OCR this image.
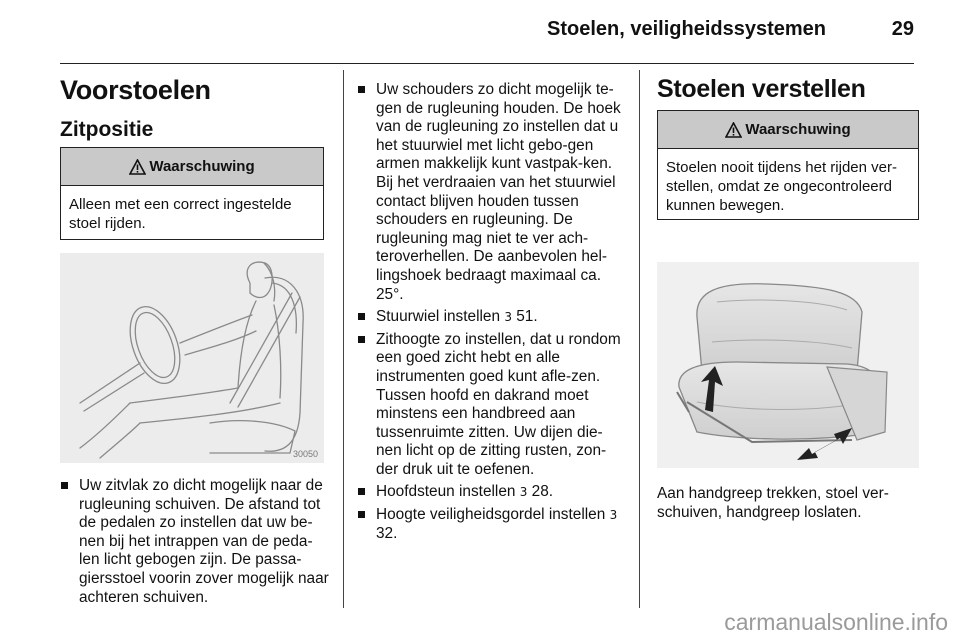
Stoelen, veiligheidssystemen	29
Voorstoelen
Zitpositie
Waarschuwing
Alleen met een correct ingestelde stoel rijden.
30050
Uw zitvlak zo dicht mogelijk naar de rugleuning schuiven. De afstand tot de pedalen zo instellen dat uw be-nen bij het intrappen van de peda-len licht gebogen zijn. De passa-giersstoel voorin zover mogelijk naar achteren schuiven.
Uw schouders zo dicht mogelijk te-gen de rugleuning houden. De hoek van de rugleuning zo instellen dat u het stuurwiel met licht gebo-gen armen makkelijk kunt vastpak-ken. Bij het verdraaien van het stuurwiel contact blijven houden tussen schouders en rugleuning. De rugleuning mag niet te ver ach-teroverhellen. De aanbevolen hel-lingshoek bedraagt maximaal ca. 25°.
Stuurwiel instellen 3 51.
Zithoogte zo instellen, dat u rondom een goed zicht hebt en alle instrumenten goed kunt afle-zen. Tussen hoofd en dakrand moet minstens een handbreed aan tussenruimte zitten. Uw dijen die-nen licht op de zitting rusten, zon-der druk uit te oefenen.
Hoofdsteun instellen 3 28.
Hoogte veiligheidsgordel instellen 3 32.
Stoelen verstellen
Waarschuwing
Stoelen nooit tijdens het rijden ver-stellen, omdat ze ongecontroleerd kunnen bewegen.

Aan handgreep trekken, stoel ver-schuiven, handgreep loslaten.

carmanualsonline.info
